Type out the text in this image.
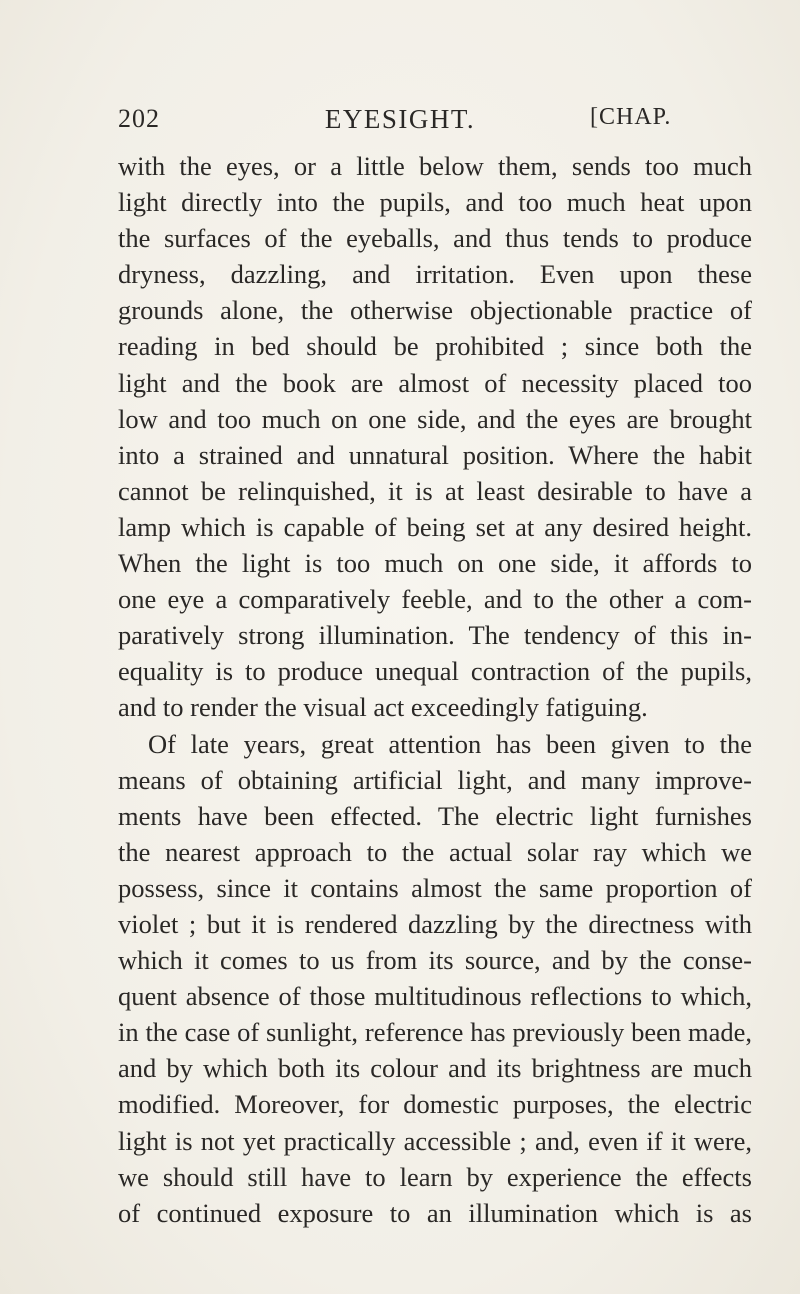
202	EYESIGHT.	[CHAP.
with the eyes, or a little below them, sends too much
light directly into the pupils, and too much heat upon
the surfaces of the eyeballs, and thus tends to produce
dryness, dazzling, and irritation. Even upon these
grounds alone, the otherwise objectionable practice of
reading in bed should be prohibited ; since both the
light and the book are almost of necessity placed too
low and too much on one side, and the eyes are brought
into a strained and unnatural position. Where the habit
cannot be relinquished, it is at least desirable to have a
lamp which is capable of being set at any desired height.
When the light is too much on one side, it affords to
one eye a comparatively feeble, and to the other a com-
paratively strong illumination. The tendency of this in-
equality is to produce unequal contraction of the pupils,
and to render the visual act exceedingly fatiguing.
Of late years, great attention has been given to the
means of obtaining artificial light, and many improve-
ments have been effected. The electric light furnishes
the nearest approach to the actual solar ray which we
possess, since it contains almost the same proportion of
violet ; but it is rendered dazzling by the directness with
which it comes to us from its source, and by the conse-
quent absence of those multitudinous reflections to which,
in the case of sunlight, reference has previously been made,
and by which both its colour and its brightness are much
modified. Moreover, for domestic purposes, the electric
light is not yet practically accessible ; and, even if it were,
we should still have to learn by experience the effects
of continued exposure to an illumination which is as
